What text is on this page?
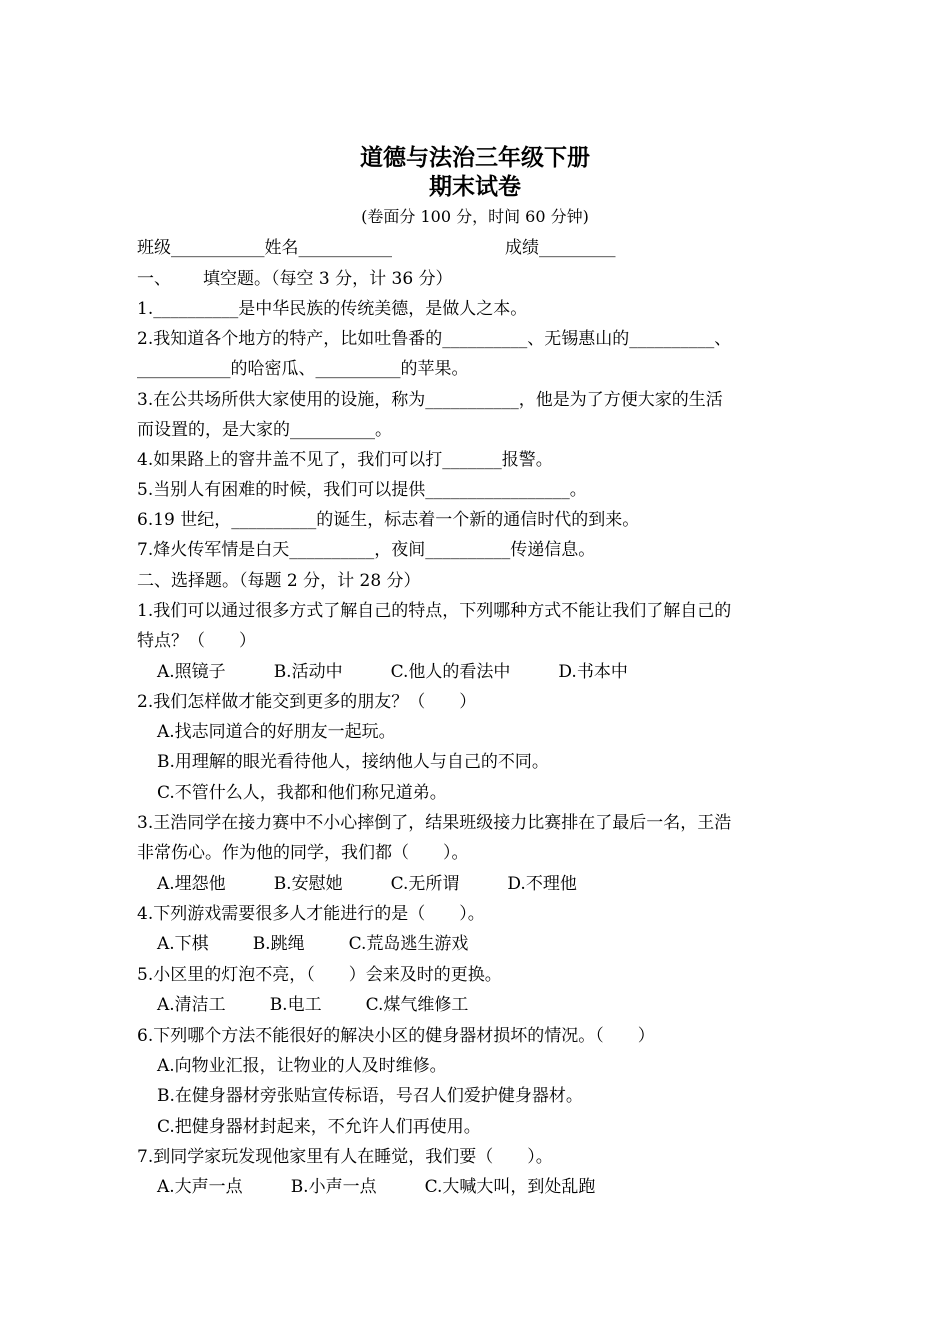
道德与法治三年级下册
期末试卷
(卷面分 100 分，时间 60 分钟)
班级___________姓名___________	成绩_________
一、 填空题。（每空 3 分，计 36 分）
1.__________是中华民族的传统美德，是做人之本。
2.我知道各个地方的特产，比如吐鲁番的__________、无锡惠山的__________、
___________的哈密瓜、__________的苹果。
3.在公共场所供大家使用的设施，称为___________，他是为了方便大家的生活
而设置的，是大家的__________。
4.如果路上的窨井盖不见了，我们可以打_______报警。
5.当别人有困难的时候，我们可以提供_________________。
6.19 世纪，__________的诞生，标志着一个新的通信时代的到来。
7.烽火传军情是白天__________，夜间__________传递信息。
二、选择题。（每题 2 分，计 28 分）
1.我们可以通过很多方式了解自己的特点，下列哪种方式不能让我们了解自己的
特点？（　　）
A.照镜子	B.活动中	C.他人的看法中	D.书本中
2.我们怎样做才能交到更多的朋友？（　　）
A.找志同道合的好朋友一起玩。
B.用理解的眼光看待他人，接纳他人与自己的不同。
C.不管什么人，我都和他们称兄道弟。
3.王浩同学在接力赛中不小心摔倒了，结果班级接力比赛排在了最后一名，王浩
非常伤心。作为他的同学，我们都（　　）。
A.埋怨他	B.安慰她	C.无所谓	D.不理他
4.下列游戏需要很多人才能进行的是（　　）。
A.下棋	B.跳绳	C.荒岛逃生游戏
5.小区里的灯泡不亮，（　　）会来及时的更换。
A.清洁工	B.电工	C.煤气维修工
6.下列哪个方法不能很好的解决小区的健身器材损坏的情况。（　　）
A.向物业汇报，让物业的人及时维修。
B.在健身器材旁张贴宣传标语，号召人们爱护健身器材。
C.把健身器材封起来，不允许人们再使用。
7.到同学家玩发现他家里有人在睡觉，我们要（　　）。
A.大声一点	B.小声一点	C.大喊大叫，到处乱跑
